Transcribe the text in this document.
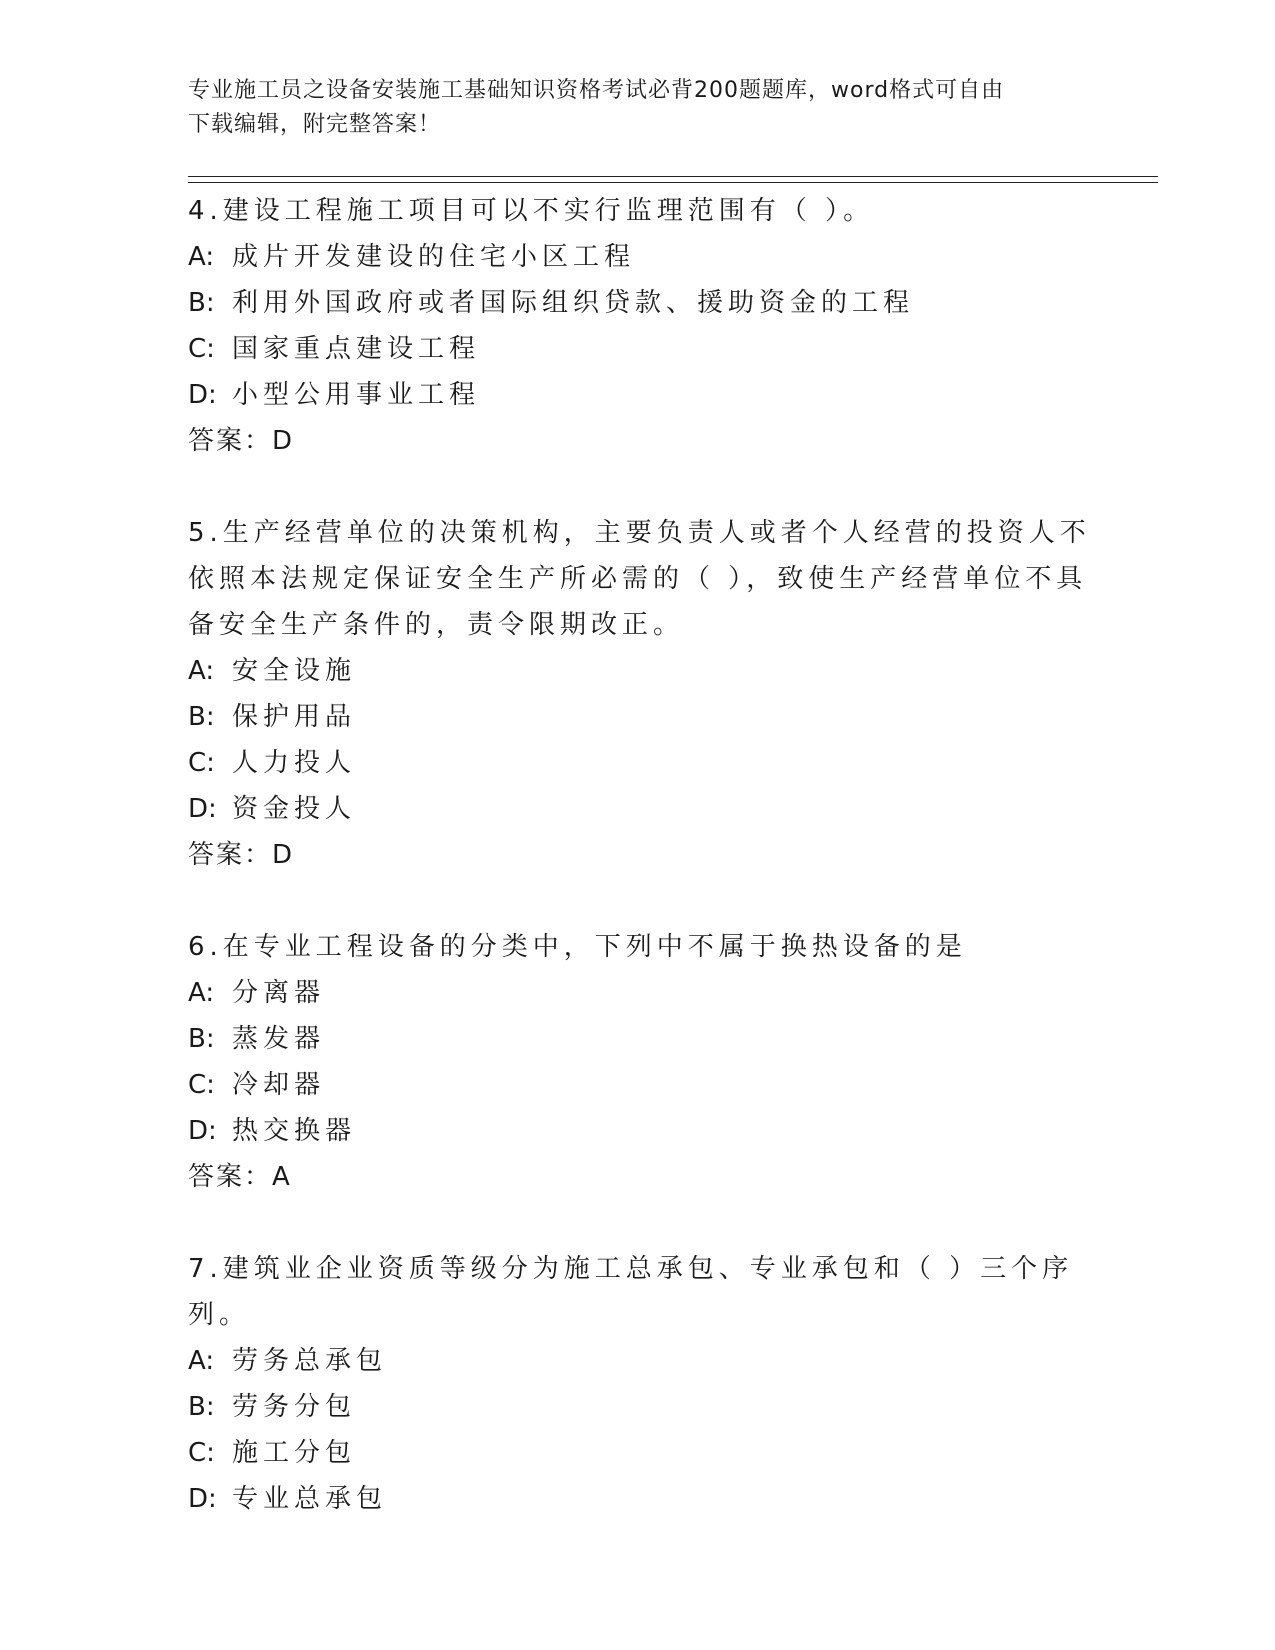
专业施工员之设备安装施工基础知识资格考试必背200题题库，word格式可自由
下载编辑，附完整答案！
4.建设工程施工项目可以不实行监理范围有（ ）。
A: 成片开发建设的住宅小区工程
B: 利用外国政府或者国际组织贷款、援助资金的工程
C: 国家重点建设工程
D: 小型公用事业工程
答案：D
5.生产经营单位的决策机构，主要负责人或者个人经营的投资人不依照本法规定保证安全生产所必需的（ ），致使生产经营单位不具备安全生产条件的，责令限期改正。
A: 安全设施
B: 保护用品
C: 人力投人
D: 资金投人
答案：D
6.在专业工程设备的分类中，下列中不属于换热设备的是
A: 分离器
B: 蒸发器
C: 冷却器
D: 热交换器
答案：A
7.建筑业企业资质等级分为施工总承包、专业承包和（ ）三个序列。
A: 劳务总承包
B: 劳务分包
C: 施工分包
D: 专业总承包
